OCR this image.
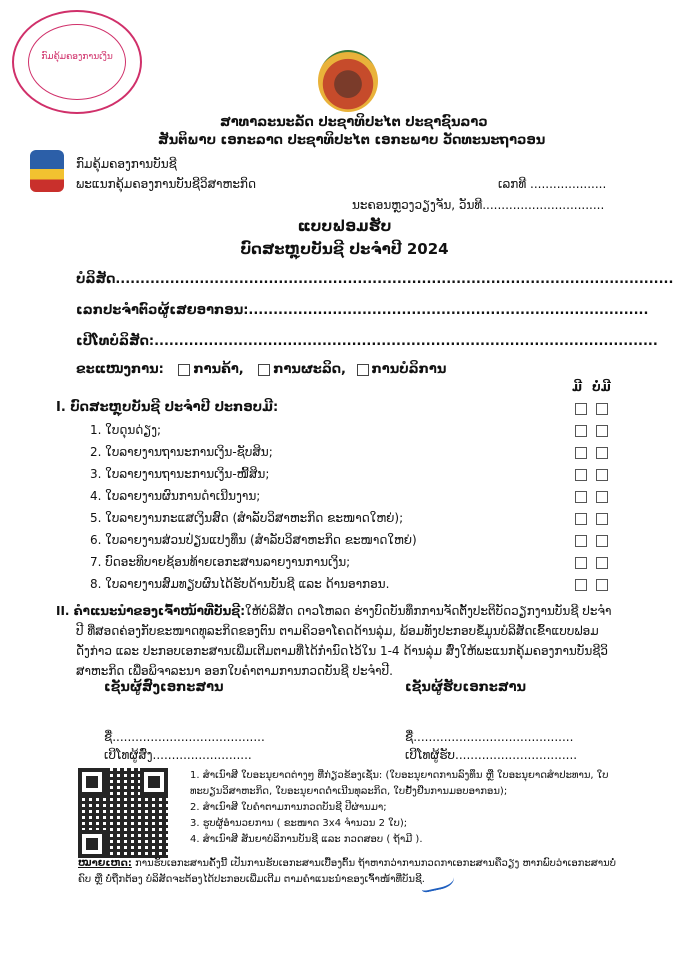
ກົມຄຸ້ມຄອງການເງິນ
ສາທາລະນະລັດ ປະຊາທິປະໄຕ ປະຊາຊົນລາວ
ສັນຕິພາບ ເອກະລາດ ປະຊາທິປະໄຕ ເອກະພາບ ວັດທະນະຖາວອນ
ກົມຄຸ້ມຄອງການບັນຊີ
ພະແນກຄຸ້ມຄອງການບັນຊີວິສາຫະກິດ	ເລກທີ ....................
ນະຄອນຫຼວງວຽງຈັນ, ວັນທີ................................
ແບບຟອມຮັບ
ບົດສະຫຼຸບບັນຊີ ປະຈຳປີ 2024
ບໍລິສັດ.................................................................................................................
ເລກປະຈຳຕົວຜູ້ເສຍອາກອນ:.................................................................................
ເປີໂທບໍລິສັດ:......................................................................................................
ຂະແໜງການ: ການຄ້າ, ການຜະລິດ, ການບໍລິການ
ມີ ບໍ່ມີ
I. ບົດສະຫຼຸບບັນຊີ ປະຈຳປີ ປະກອບມີ:
1. ໃບດຸນດ່ຽງ;
2. ໃບລາຍງານຖານະການເງິນ-ຊັບສິນ;
3. ໃບລາຍງານຖານະການເງິນ-ໜີ້ສິນ;
4. ໃບລາຍງານຜົນການດຳເນີນງານ;
5. ໃບລາຍງານກະແສເງິນສົດ (ສຳລັບວິສາຫະກິດ ຂະໜາດໃຫຍ່);
6. ໃບລາຍງານສ່ວນປ່ຽນແປງທຶນ (ສຳລັບວິສາຫະກິດ ຂະໜາດໃຫຍ່)
7. ບົດອະທິບາຍຊ້ອນທ້າຍເອກະສານລາຍງານການເງິນ;
8. ໃບລາຍງານສົມທຽບຜົນໄດ້ຮັບດ້ານບັນຊີ ແລະ ດ້ານອາກອນ.
II. ຄຳແນະນຳຂອງເຈົ້າໜ້າທີ່ບັນຊີ:ໃຫ້ບໍລິສັດ ດາວໂຫລດ ຮ່າງບົດບັນທຶກການຈັດຕັ້ງປະຕິບັດວຽກງານບັນຊີ ປະຈຳ
ປີ ທີ່ສອດຄ່ອງກັບຂະໜາດທຸລະກິດຂອງຕົນ ຕາມຄິວອາໂຄດດ້ານລຸ່ມ, ພ້ອມທັງປະກອບຂໍ້ມູນບໍລິສັດເຂົ້າແບບຟອມ
ດັ່ງກ່າວ ແລະ ປະກອບເອກະສານເພີ່ມເຕີມຕາມທີ່ໄດ້ກຳນົດໄວ້ໃນ 1-4 ດ້ານລຸ່ມ ສົ່ງໃຫ້ພະແນກຄຸ້ມຄອງການບັນຊີວິ
ສາຫະກິດ ເພື່ອພິຈາລະນາ ອອກໃບຄຳຕາມການກວດບັນຊີ ປະຈຳປີ.
ເຊັນຜູ້ສົ່ງເອກະສານ	ເຊັນຜູ້ຮັບເອກະສານ
ຊື່........................................
ເບີໂທຜູ້ສົ່ງ..........................
ຊື່..........................................
ເບີໂທຜູ້ຮັບ................................
1. ສຳເນົາສີ ໃບອະນຸຍາດຕ່າງໆ ທີ່ກ່ຽວຂ້ອງເຊັ່ນ: (ໃບອະນຸຍາດການລົງທຶນ ຫຼື ໃບອະນຸຍາດສຳປະທານ, ໃບ
ທະບຽນວິສາຫະກິດ, ໃບອະນຸຍາດດຳເນີນທຸລະກິດ, ໃບຢັ້ງຢືນການມອບອາກອນ);
2. ສຳເນົາສີ ໃບຄຳຕາມການກວດບັນຊີ ປີຜ່ານມາ;
3. ຮູບຜູ້ອຳນວຍການ ( ຂະໜາດ 3x4 ຈຳນວນ 2 ໃບ);
4. ສຳເນົາສີ ສັນຍາບໍລິການບັນຊີ ແລະ ກວດສອບ ( ຖ້າມີ ).
ໝາຍເຫດ: ການຮັບເອກະສານຄັ້ງນີ້ ເປັນການຮັບເອກະສານເບື້ອງຕົ້ນ ຖ້າຫາກວ່າການກວດກາເອກະສານຄືວຽງ ຫາກພົບວ່າເອກະສານບໍ່
ຄົບ ຫຼື ບໍ່ຖືກຕ້ອງ ບໍລິສັດຈະຕ້ອງໄດ້ປະກອບເພີ່ມເຕີມ ຕາມຄຳແນະນຳຂອງເຈົ້າໜ້າທີ່ບັນຊີ.
